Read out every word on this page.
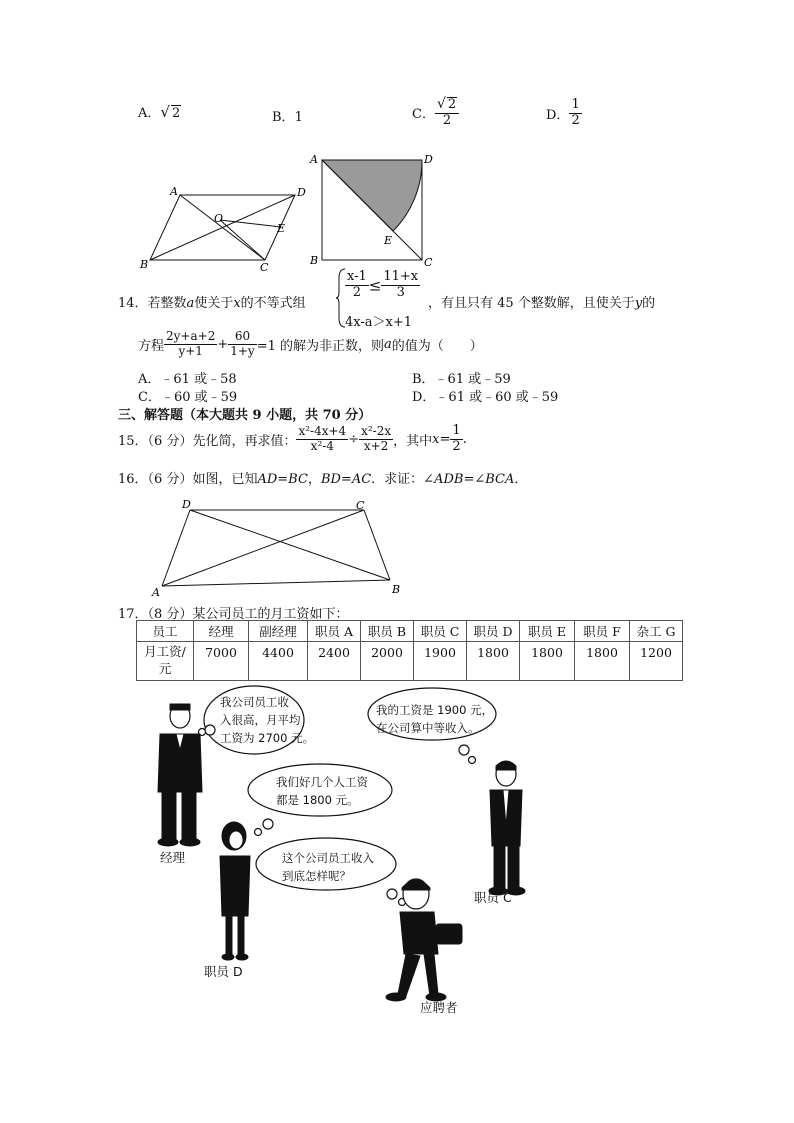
A．√ 2	B．1	C． $\frac{√ 2}{2}$	D． $\frac{1}{2}$
A	D
B	C
O
E
A	D
B	C
E
14．若整数a使关于x的不等式组
$\frac{x-1}{2} \le \frac{11+x}{3}$
4x-a＞x+1
，有且只有 45 个整数解，且使关于y的
方程 $\frac{2y+a+2}{y+1} + \frac{60}{1+y} =1$ 的解为非正数，则a的值为（　　）
A．﹣61 或﹣58	B．﹣61 或﹣59
C．﹣60 或﹣59	D．﹣61 或﹣60 或﹣59
三、解答题（本大题共 9 小题，共 70 分）
15．（6 分）先化简，再求值： $\frac{\text{x²-4x+4}}{\text{x²-4}} \div \frac{\text{x²-2x}}{x+2}$ ，其中$x= \frac{1}{2}$ .
16．（6 分）如图，已知AD=BC，BD=AC．求证：∠ADB=∠BCA．
D	C
A	B
17．（8 分）某公司员工的月工资如下：
员工	经理	副经理	职员 A	职员 B	职员 C	职员 D	职员 E	职员 F	杂工 G
月工资/元	7000	4400	2400	2000	1900	1800	1800	1800	1200
我公司员工收
入很高，月平均
工资为 2700 元。
我的工资是 1900 元，
在公司算中等收入。
我们好几个人工资
都是 1800 元。
这个公司员工收入
到底怎样呢？
经理
职员 C
职员 D
应聘者
